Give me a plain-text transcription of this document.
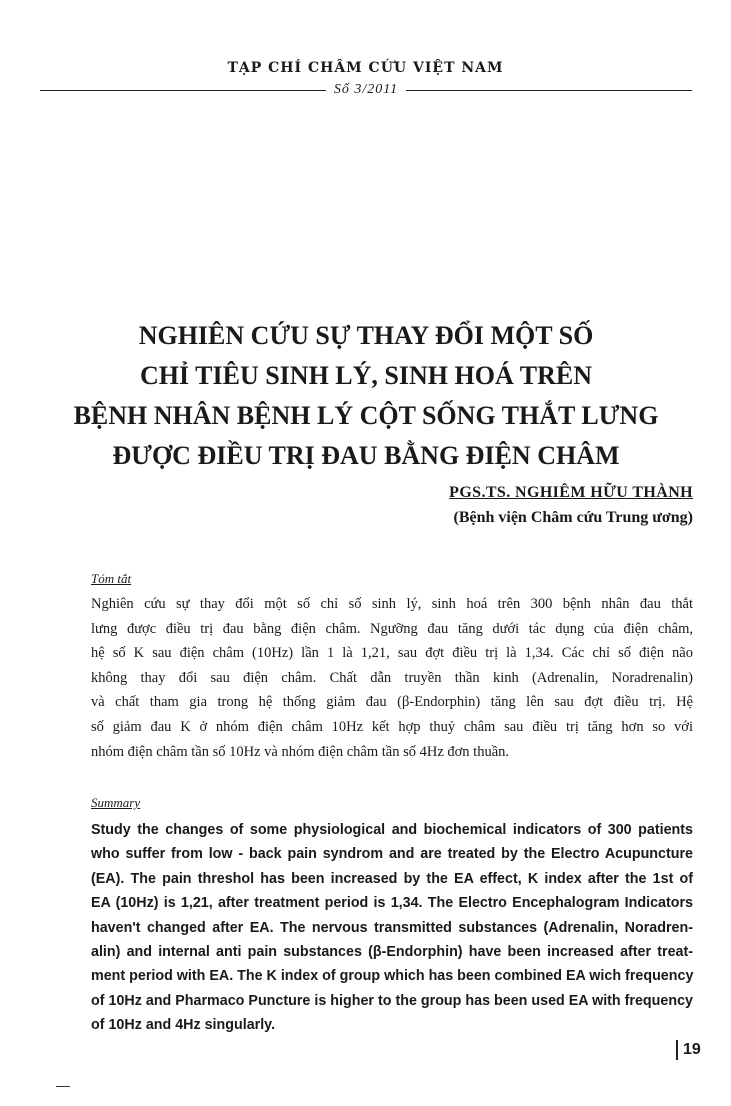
TẠP CHÍ CHÂM CỨU VIỆT NAM
Số 3/2011
NGHIÊN CỨU SỰ THAY ĐỔI MỘT SỐ
CHỈ TIÊU SINH LÝ, SINH HOÁ TRÊN
BỆNH NHÂN BỆNH LÝ CỘT SỐNG THẮT LƯNG
ĐƯỢC ĐIỀU TRỊ ĐAU BẰNG ĐIỆN CHÂM
PGS.TS. NGHIÊM HỮU THÀNH
(Bệnh viện Châm cứu Trung ương)
Tóm tắt
Nghiên cứu sự thay đổi một số chỉ số sinh lý, sinh hoá trên 300 bệnh nhân đau thắt
lưng được điều trị đau bằng điện châm. Ngưỡng đau tăng dưới tác dụng của điện châm,
hệ số K sau điện châm (10Hz) lần 1 là 1,21, sau đợt điều trị là 1,34. Các chỉ số điện não
không thay đổi sau điện châm. Chất dẫn truyền thần kinh (Adrenalin, Noradrenalin)
và chất tham gia trong hệ thống giảm đau (β-Endorphin) tăng lên sau đợt điều trị. Hệ
số giảm đau K ở nhóm điện châm 10Hz kết hợp thuỷ châm sau điều trị tăng hơn so với
nhóm điện châm tần số 10Hz và nhóm điện châm tần số 4Hz đơn thuần.
Summary
Study the changes of some physiological and biochemical indicators of 300 patients
who suffer from low - back pain syndrom and are treated by the Electro Acupuncture
(EA). The pain threshol has been increased by the EA effect, K index after the 1st of
EA (10Hz) is 1,21, after treatment period is 1,34. The Electro Encephalogram Indicators
haven't changed after EA. The nervous transmitted substances (Adrenalin, Noradren-
alin) and internal anti pain substances (β-Endorphin) have been increased after treat-
ment period with EA. The K index of group which has been combined EA wich frequency
of 10Hz and Pharmaco Puncture is higher to the group has been used EA with frequency
of 10Hz and 4Hz singularly.
19
